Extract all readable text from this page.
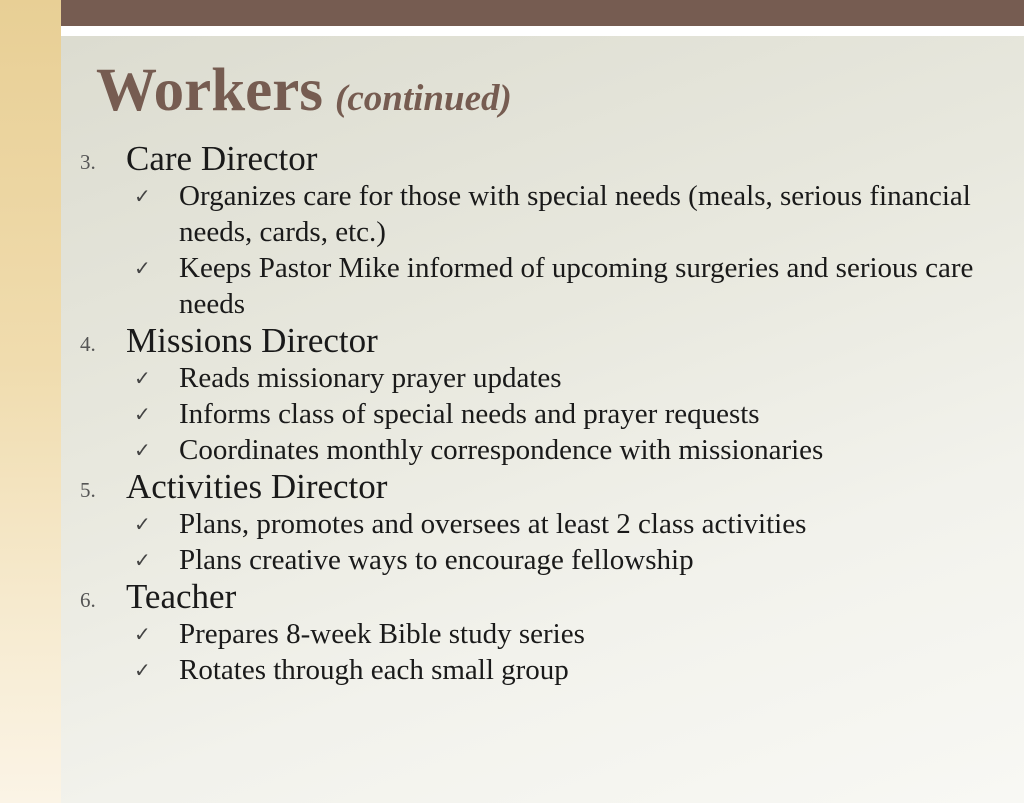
Workers (continued)
3. Care Director
✓ Organizes care for those with special needs (meals, serious financial needs, cards, etc.)
✓ Keeps Pastor Mike informed of upcoming surgeries and serious care needs
4. Missions Director
✓ Reads missionary prayer updates
✓ Informs class of special needs and prayer requests
✓ Coordinates monthly correspondence with missionaries
5. Activities Director
✓ Plans, promotes and oversees at least 2 class activities
✓ Plans creative ways to encourage fellowship
6. Teacher
✓ Prepares 8-week Bible study series
✓ Rotates through each small group
